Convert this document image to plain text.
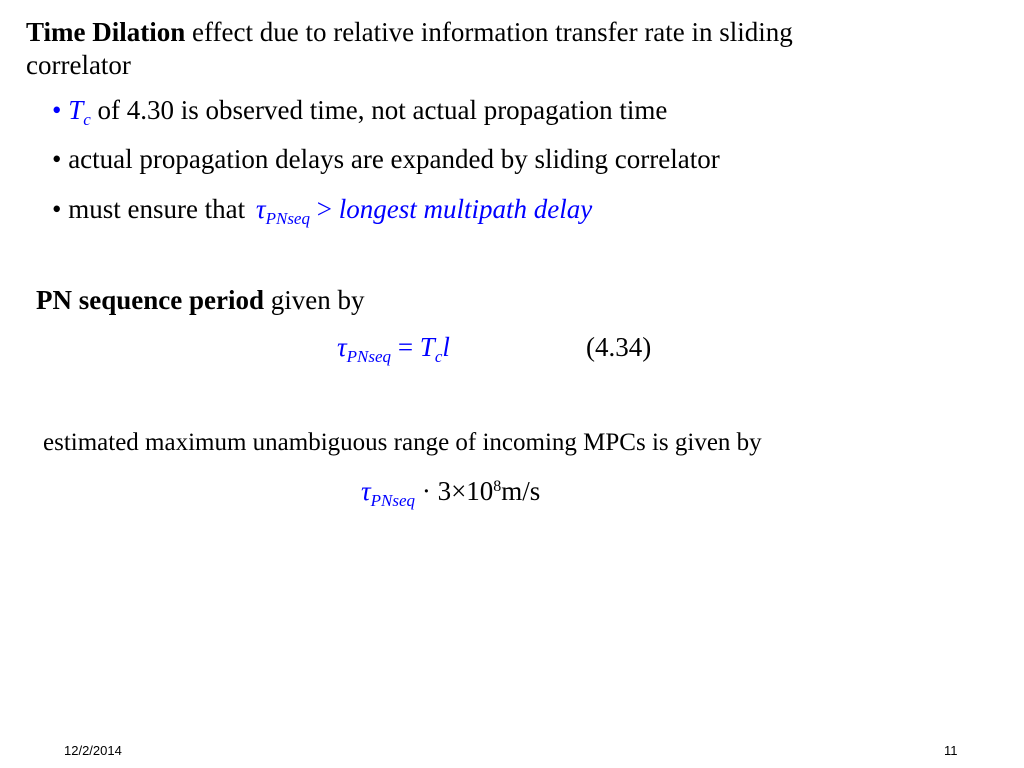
Time Dilation effect due to relative information transfer rate in sliding
correlator
• $T_c$ of 4.30 is observed time, not actual propagation time
• actual propagation delays are expanded by sliding correlator
• must ensure that $\tau_{PNseq}$ > longest multipath delay
PN sequence period given by
$\tau_{PNseq} = T_cl$	(4.34)
estimated maximum unambiguous range of incoming MPCs is given by
$\tau_{PNseq} \cdot 3\times 10^8m/s$
12/2/2014	11
